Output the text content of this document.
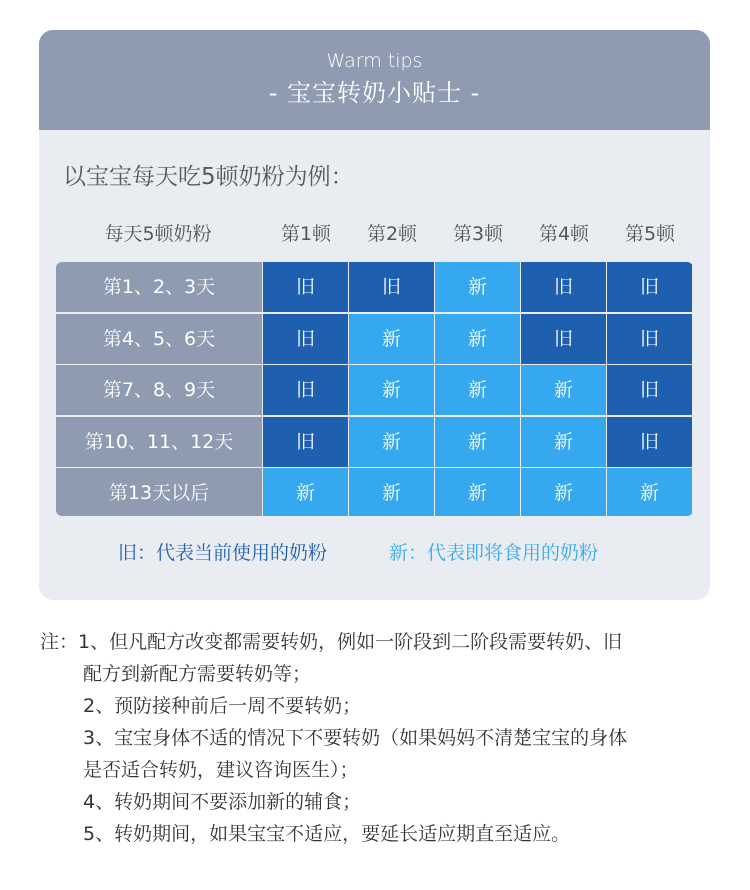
Warm tips
- 宝宝转奶小贴士 -
以宝宝每天吃5顿奶粉为例：
每天5顿奶粉	第1顿	第2顿	第3顿	第4顿	第5顿
第1、2、3天	旧	旧	新	旧	旧
第4、5、6天	旧	新	新	旧	旧
第7、8、9天	旧	新	新	新	旧
第10、11、12天	旧	新	新	新	旧
第13天以后	新	新	新	新	新
旧：代表当前使用的奶粉	新：代表即将食用的奶粉
注：1、但凡配方改变都需要转奶，例如一阶段到二阶段需要转奶、旧
配方到新配方需要转奶等；
2、预防接种前后一周不要转奶；
3、宝宝身体不适的情况下不要转奶（如果妈妈不清楚宝宝的身体
是否适合转奶，建议咨询医生）；
4、转奶期间不要添加新的辅食；
5、转奶期间，如果宝宝不适应，要延长适应期直至适应。
